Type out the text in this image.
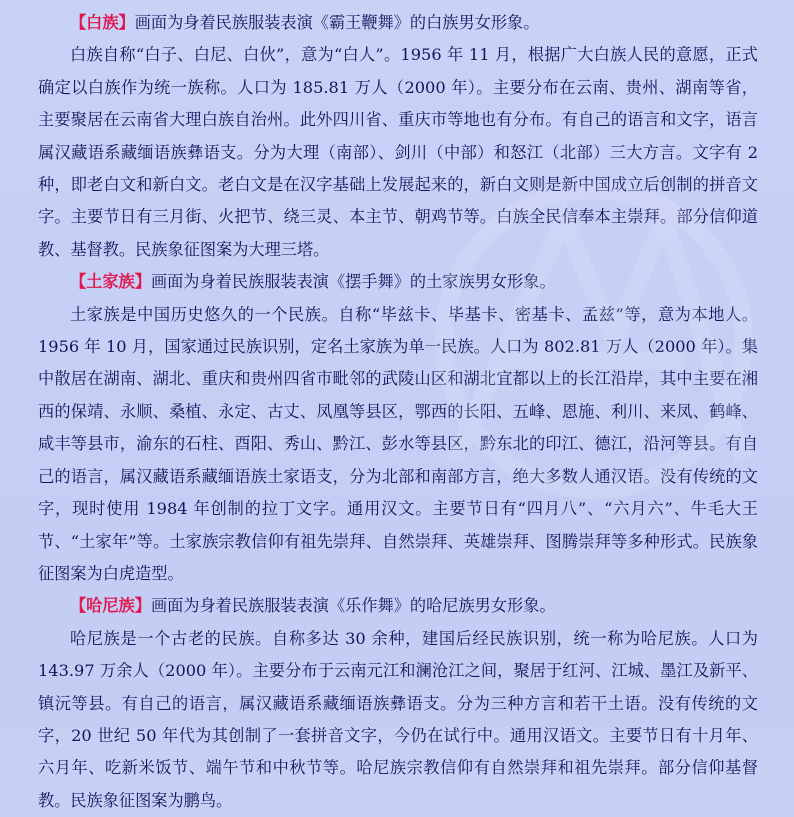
【白族】画面为身着民族服装表演《霸王鞭舞》的白族男女形象。

白族自称“白子、白尼、白伙”，意为“白人”。1956 年 11 月，根据广大白族人民的意愿，正式确定以白族作为统一族称。人口为 185.81 万人（2000 年）。主要分布在云南、贵州、湖南等省，主要聚居在云南省大理白族自治州。此外四川省、重庆市等地也有分布。有自己的语言和文字，语言属汉藏语系藏缅语族彝语支。分为大理（南部）、剑川（中部）和怒江（北部）三大方言。文字有 2 种，即老白文和新白文。老白文是在汉字基础上发展起来的，新白文则是新中国成立后创制的拼音文字。主要节日有三月街、火把节、绕三灵、本主节、朝鸡节等。白族全民信奉本主崇拜。部分信仰道教、基督教。民族象征图案为大理三塔。

【土家族】画面为身着民族服装表演《摆手舞》的土家族男女形象。

土家族是中国历史悠久的一个民族。自称“毕兹卡、毕基卡、密基卡、孟兹”等，意为本地人。1956 年 10 月，国家通过民族识别，定名土家族为单一民族。人口为 802.81 万人（2000 年）。集中散居在湖南、湖北、重庆和贵州四省市毗邻的武陵山区和湖北宜都以上的长江沿岸，其中主要在湘西的保靖、永顺、桑植、永定、古丈、凤凰等县区，鄂西的长阳、五峰、恩施、利川、来凤、鹤峰、咸丰等县市，渝东的石柱、酉阳、秀山、黔江、彭水等县区，黔东北的印江、德江，沿河等县。有自己的语言，属汉藏语系藏缅语族土家语支，分为北部和南部方言，绝大多数人通汉语。没有传统的文字，现时使用 1984 年创制的拉丁文字。通用汉文。主要节日有“四月八”、“六月六”、牛毛大王节、“土家年”等。土家族宗教信仰有祖先崇拜、自然崇拜、英雄崇拜、图腾崇拜等多种形式。民族象征图案为白虎造型。

【哈尼族】画面为身着民族服装表演《乐作舞》的哈尼族男女形象。

哈尼族是一个古老的民族。自称多达 30 余种，建国后经民族识别，统一称为哈尼族。人口为 143.97 万余人（2000 年）。主要分布于云南元江和澜沧江之间，聚居于红河、江城、墨江及新平、镇沅等县。有自己的语言，属汉藏语系藏缅语族彝语支。分为三种方言和若干土语。没有传统的文字，20 世纪 50 年代为其创制了一套拼音文字，今仍在试行中。通用汉语文。主要节日有十月年、六月年、吃新米饭节、端午节和中秋节等。哈尼族宗教信仰有自然崇拜和祖先崇拜。部分信仰基督教。民族象征图案为鹏鸟。
